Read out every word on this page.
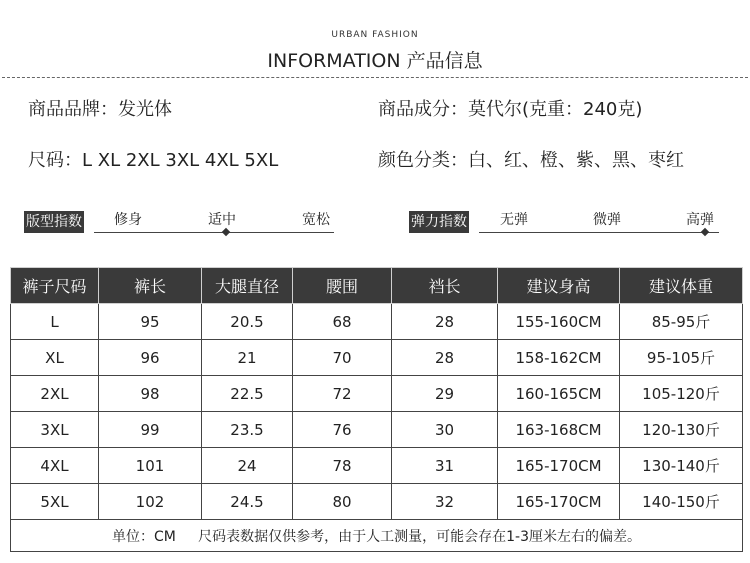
URBAN FASHION
INFORMATION 产品信息
商品品牌：发光体	商品成分：莫代尔(克重：240克)
尺码：L XL 2XL 3XL 4XL 5XL	颜色分类：白、红、橙、紫、黑、枣红
版型指数 修身	适中	宽松	弹力指数 无弹	微弹	高弹
裤子尺码	裤长	大腿直径	腰围	裆长	建议身高	建议体重
L	95	20.5	68	28	155-160CM	85-95斤
XL	96	21	70	28	158-162CM	95-105斤
2XL	98	22.5	72	29	160-165CM	105-120斤
3XL	99	23.5	76	30	163-168CM	120-130斤
4XL	101	24	78	31	165-170CM	130-140斤
5XL	102	24.5	80	32	165-170CM	140-150斤
单位：CM     尺码表数据仅供参考，由于人工测量，可能会存在1-3厘米左右的偏差。						
